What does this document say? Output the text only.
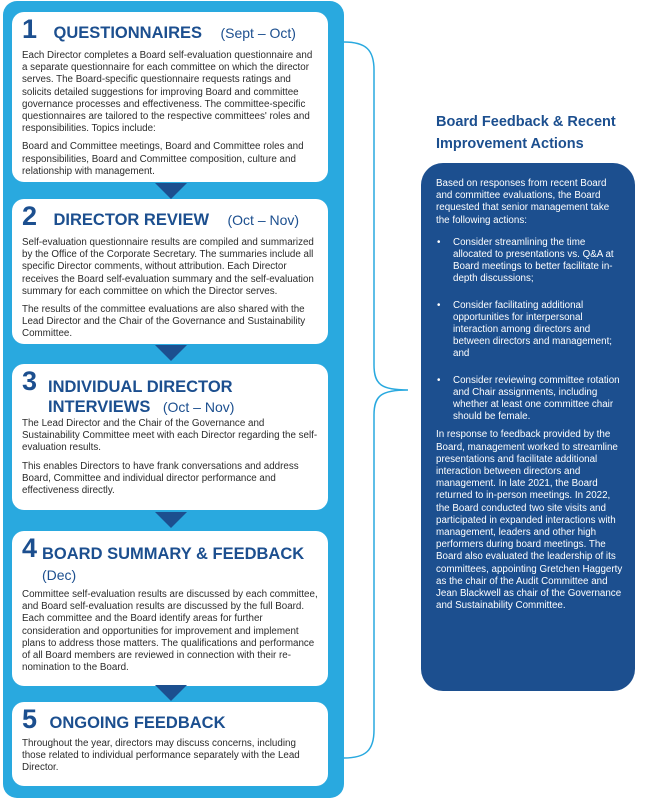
1 QUESTIONNAIRES (Sept – Oct)

Each Director completes a Board self-evaluation questionnaire and a separate questionnaire for each committee on which the director serves. The Board-specific questionnaire requests ratings and solicits detailed suggestions for improving Board and committee governance processes and effectiveness. The committee-specific questionnaires are tailored to the respective committees' roles and responsibilities. Topics include:

Board and Committee meetings, Board and Committee roles and responsibilities, Board and Committee composition, culture and relationship with management.

2 DIRECTOR REVIEW (Oct – Nov)

Self-evaluation questionnaire results are compiled and summarized by the Office of the Corporate Secretary. The summaries include all specific Director comments, without attribution. Each Director receives the Board self-evaluation summary and the self-evaluation summary for each committee on which the Director serves.

The results of the committee evaluations are also shared with the Lead Director and the Chair of the Governance and Sustainability Committee.

3 INDIVIDUAL DIRECTOR
INTERVIEWS (Oct – Nov)

The Lead Director and the Chair of the Governance and Sustainability Committee meet with each Director regarding the self-evaluation results.

This enables Directors to have frank conversations and address Board, Committee and individual director performance and effectiveness directly.

4 BOARD SUMMARY & FEEDBACK
(Dec)

Committee self-evaluation results are discussed by each committee, and Board self-evaluation results are discussed by the full Board. Each committee and the Board identify areas for further consideration and opportunities for improvement and implement plans to address those matters. The qualifications and performance of all Board members are reviewed in connection with their re-nomination to the Board.

5 ONGOING FEEDBACK

Throughout the year, directors may discuss concerns, including those related to individual performance separately with the Lead Director.

Board Feedback & Recent
Improvement Actions

Based on responses from recent Board and committee evaluations, the Board requested that senior management take the following actions:

• Consider streamlining the time allocated to presentations vs. Q&A at Board meetings to better facilitate in-depth discussions;
• Consider facilitating additional opportunities for interpersonal interaction among directors and between directors and management; and
• Consider reviewing committee rotation and Chair assignments, including whether at least one committee chair should be female.

In response to feedback provided by the Board, management worked to streamline presentations and facilitate additional interaction between directors and management. In late 2021, the Board returned to in-person meetings. In 2022, the Board conducted two site visits and participated in expanded interactions with management, leaders and other high performers during board meetings. The Board also evaluated the leadership of its committees, appointing Gretchen Haggerty as the chair of the Audit Committee and Jean Blackwell as chair of the Governance and Sustainability Committee.
